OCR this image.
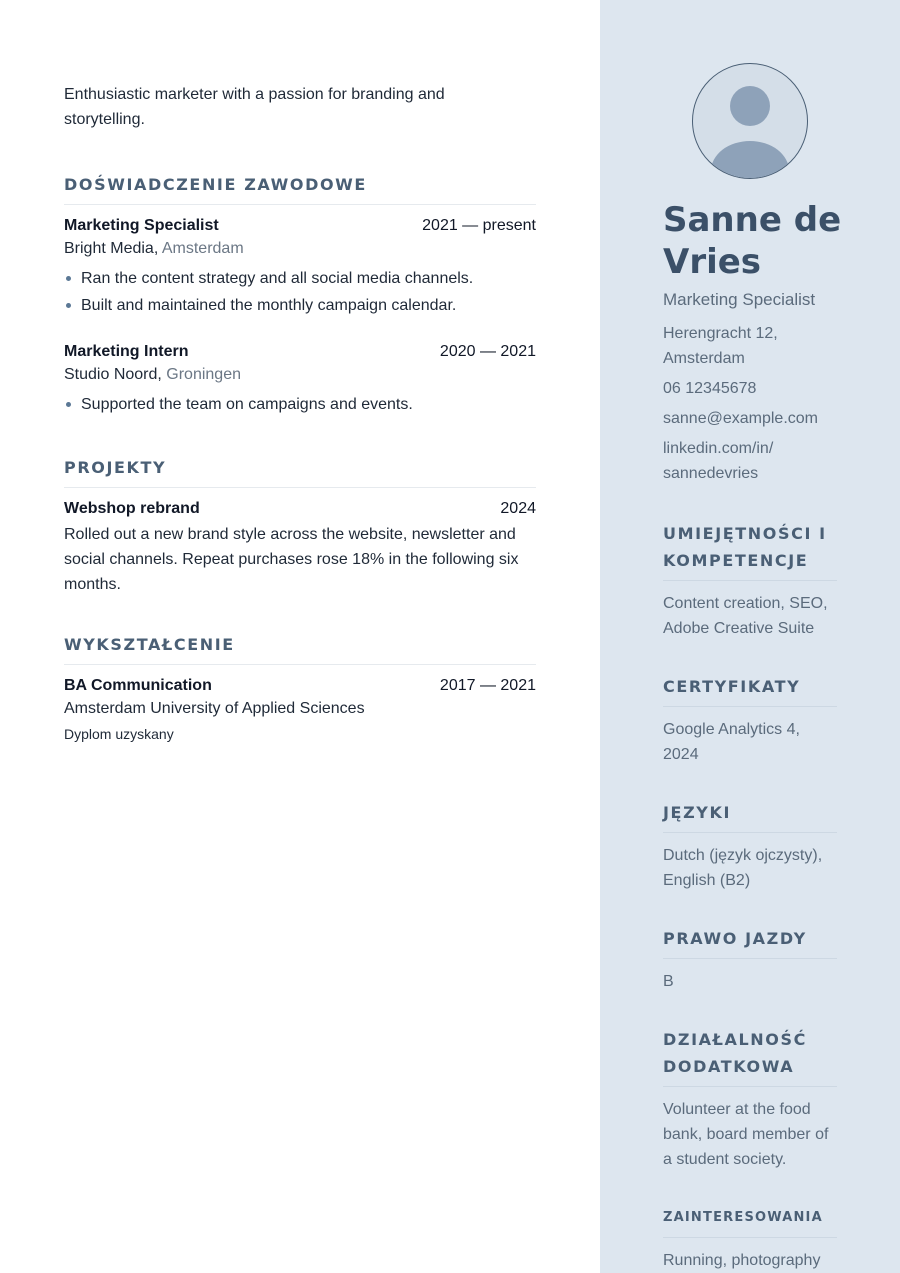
Enthusiastic marketer with a passion for branding and storytelling.

DOŚWIADCZENIE ZAWODOWE
Marketing Specialist	2021 — present
Bright Media, Amsterdam
Ran the content strategy and all social media channels.
Built and maintained the monthly campaign calendar.
Marketing Intern	2020 — 2021
Studio Noord, Groningen
Supported the team on campaigns and events.
PROJEKTY
Webshop rebrand	2024

Rolled out a new brand style across the website, newsletter and social channels. Repeat purchases rose 18% in the following six months.

WYKSZTAŁCENIE
BA Communication	2017 — 2021
Amsterdam University of Applied Sciences
Dyplom uzyskany
Sanne de Vries
Marketing Specialist
Herengracht 12, Amsterdam
06 12345678
sanne@example.com
linkedin.com/in/ sannedevries
UMIEJĘTNOŚCI I KOMPETENCJE

Content creation, SEO, Adobe Creative Suite

CERTYFIKATY

Google Analytics 4, 2024

JĘZYKI

Dutch (język ojczysty), English (B2)

PRAWO JAZDY

B

DZIAŁALNOŚĆ DODATKOWA

Volunteer at the food bank, board member of a student society.

ZAINTERESOWANIA

Running, photography
